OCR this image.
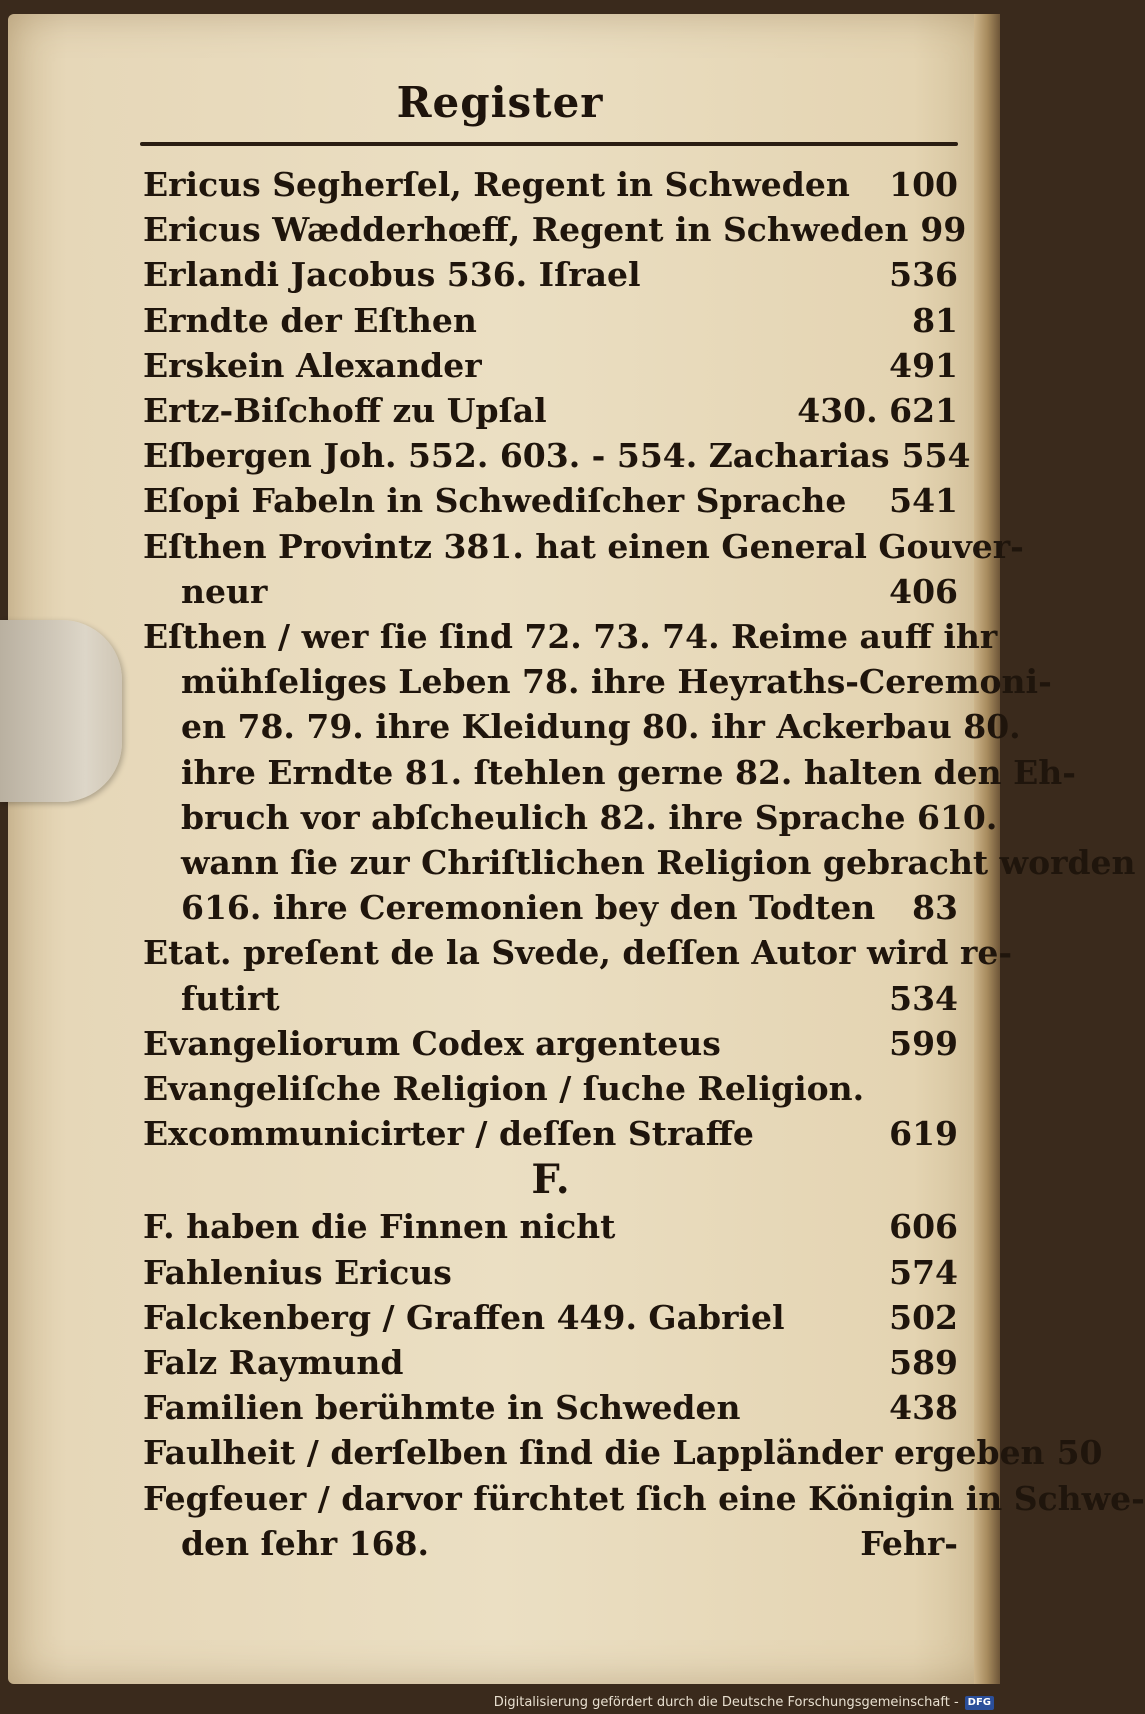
Register
Ericus Segherſel, Regent in Schweden	100
Ericus Wædderhœff, Regent in Schweden 99
Erlandi Jacobus 536. Iſrael	536
Erndte der Eſthen	81
Erskein Alexander	491
Ertz-Biſchoff zu Upſal	430. 621
Eſbergen Joh. 552. 603. - 554. Zacharias 554
Eſopi Fabeln in Schwediſcher Sprache	541
Eſthen Provintz 381. hat einen General Gouver-
neur	406
Eſthen / wer ſie ſind 72. 73. 74. Reime auff ihr
mühſeliges Leben 78. ihre Heyraths-Ceremoni-
en 78. 79. ihre Kleidung 80. ihr Ackerbau 80.
ihre Erndte 81. ſtehlen gerne 82. halten den Eh-
bruch vor abſcheulich 82. ihre Sprache 610.
wann ſie zur Chriſtlichen Religion gebracht worden
616. ihre Ceremonien bey den Todten	83
Etat. preſent de la Svede, deſſen Autor wird re-
futirt	534
Evangeliorum Codex argenteus	599
Evangeliſche Religion / ſuche Religion.
Excommunicirter / deſſen Straffe	619
F.
F. haben die Finnen nicht	606
Fahlenius Ericus	574
Falckenberg / Graffen 449. Gabriel	502
Falz Raymund	589
Familien berühmte in Schweden	438
Faulheit / derſelben ſind die Lappländer ergeben 50
Fegfeuer / darvor fürchtet ſich eine Königin in Schwe-
den ſehr 168.	Fehr-
Digitalisierung gefördert durch die Deutsche Forschungsgemeinschaft - DFG
